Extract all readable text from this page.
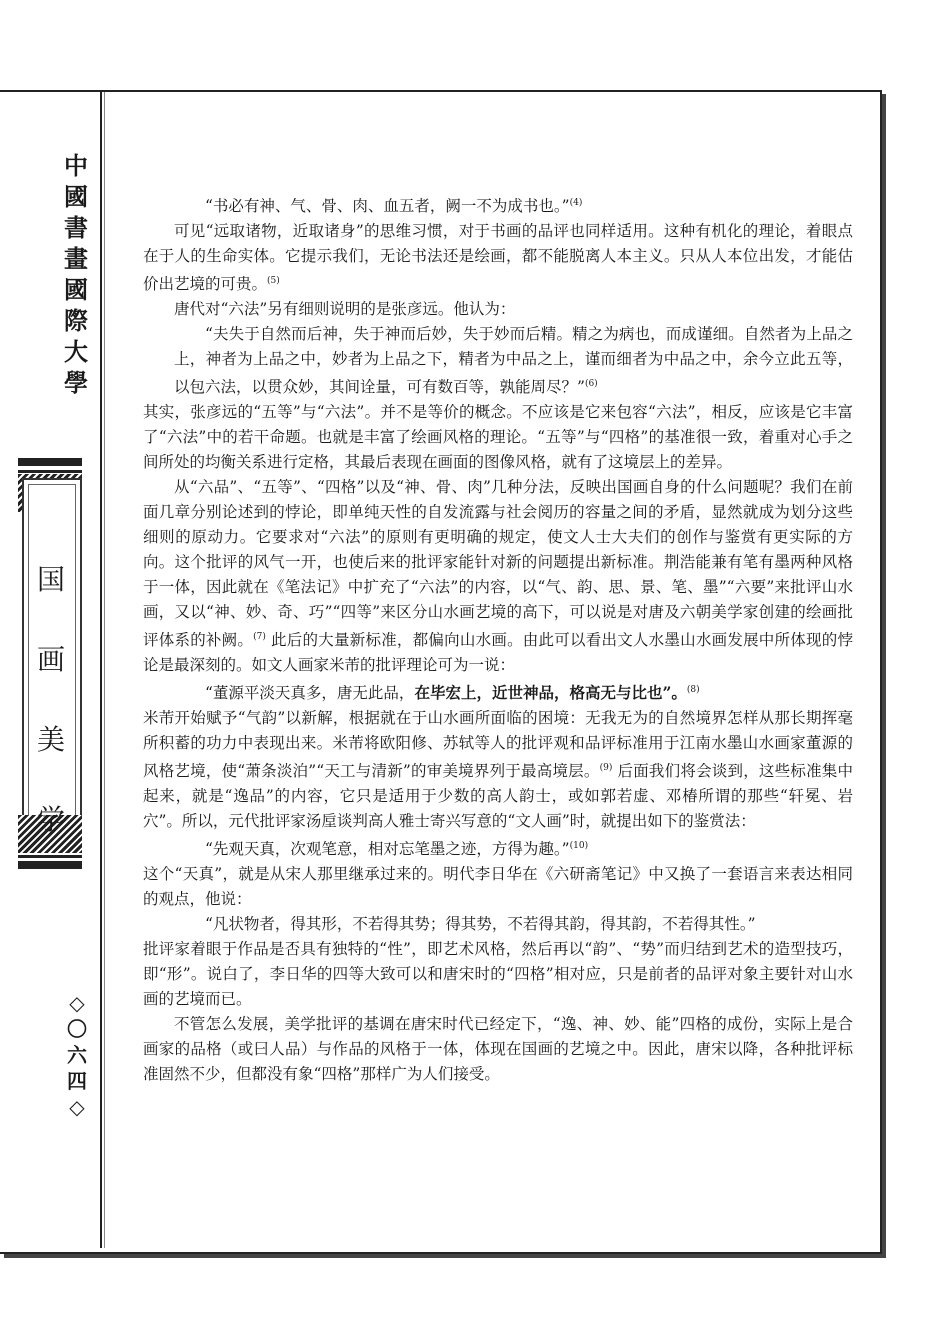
中
國
書
畫
國
際
大
學
国
画
美
学
◇
〇
六
四
◇

“书必有神、气、骨、肉、血五者，阙一不为成书也。”$^{(4)}$

可见“远取诸物，近取诸身”的思维习惯，对于书画的品评也同样适用。这种有机化的理论，着眼点在于人的生命实体。它提示我们，无论书法还是绘画，都不能脱离人本主义。只从人本位出发，才能估价出艺境的可贵。$^{(5)}$

唐代对“六法”另有细则说明的是张彦远。他认为：

“夫失于自然而后神，失于神而后妙，失于妙而后精。精之为病也，而成谨细。自然者为上品之上，神者为上品之中，妙者为上品之下，精者为中品之上，谨而细者为中品之中，余今立此五等，以包六法，以贯众妙，其间诠量，可有数百等，孰能周尽？”$^{(6)}$

其实，张彦远的“五等”与“六法”。并不是等价的概念。不应该是它来包容“六法”，相反，应该是它丰富了“六法”中的若干命题。也就是丰富了绘画风格的理论。“五等”与“四格”的基准很一致，着重对心手之间所处的均衡关系进行定格，其最后表现在画面的图像风格，就有了这境层上的差异。

从“六品”、“五等”、“四格”以及“神、骨、肉”几种分法，反映出国画自身的什么问题呢？我们在前面几章分别论述到的悖论，即单纯天性的自发流露与社会阅历的容量之间的矛盾，显然就成为划分这些细则的原动力。它要求对“六法”的原则有更明确的规定，使文人士大夫们的创作与鉴赏有更实际的方向。这个批评的风气一开，也使后来的批评家能针对新的问题提出新标准。荆浩能兼有笔有墨两种风格于一体，因此就在《笔法记》中扩充了“六法”的内容，以“气、韵、思、景、笔、墨”“六要”来批评山水画，又以“神、妙、奇、巧”“四等”来区分山水画艺境的高下，可以说是对唐及六朝美学家创建的绘画批评体系的补阙。$^{(7)}$ 此后的大量新标准，都偏向山水画。由此可以看出文人水墨山水画发展中所体现的悖论是最深刻的。如文人画家米芾的批评理论可为一说：

“董源平淡天真多，唐无此品，在毕宏上，近世神品，格高无与比也”。$^{(8)}$

米芾开始赋予“气韵”以新解，根据就在于山水画所面临的困境：无我无为的自然境界怎样从那长期挥毫所积蓄的功力中表现出来。米芾将欧阳修、苏轼等人的批评观和品评标准用于江南水墨山水画家董源的风格艺境，使“萧条淡泊”“天工与清新”的审美境界列于最高境层。$^{(9)}$ 后面我们将会谈到，这些标准集中起来，就是“逸品”的内容，它只是适用于少数的高人韵士，或如郭若虚、邓椿所谓的那些“轩冕、岩穴”。所以，元代批评家汤垕谈判高人雅士寄兴写意的“文人画”时，就提出如下的鉴赏法：

“先观天真，次观笔意，相对忘笔墨之迹，方得为趣。”$^{(10)}$

这个“天真”，就是从宋人那里继承过来的。明代李日华在《六研斋笔记》中又换了一套语言来表达相同的观点，他说：

“凡状物者，得其形，不若得其势；得其势，不若得其韵，得其韵，不若得其性。”

批评家着眼于作品是否具有独特的“性”，即艺术风格，然后再以“韵”、“势”而归结到艺术的造型技巧，即“形”。说白了，李日华的四等大致可以和唐宋时的“四格”相对应，只是前者的品评对象主要针对山水画的艺境而已。

不管怎么发展，美学批评的基调在唐宋时代已经定下，“逸、神、妙、能”四格的成份，实际上是合画家的品格（或曰人品）与作品的风格于一体，体现在国画的艺境之中。因此，唐宋以降，各种批评标准固然不少，但都没有象“四格”那样广为人们接受。
